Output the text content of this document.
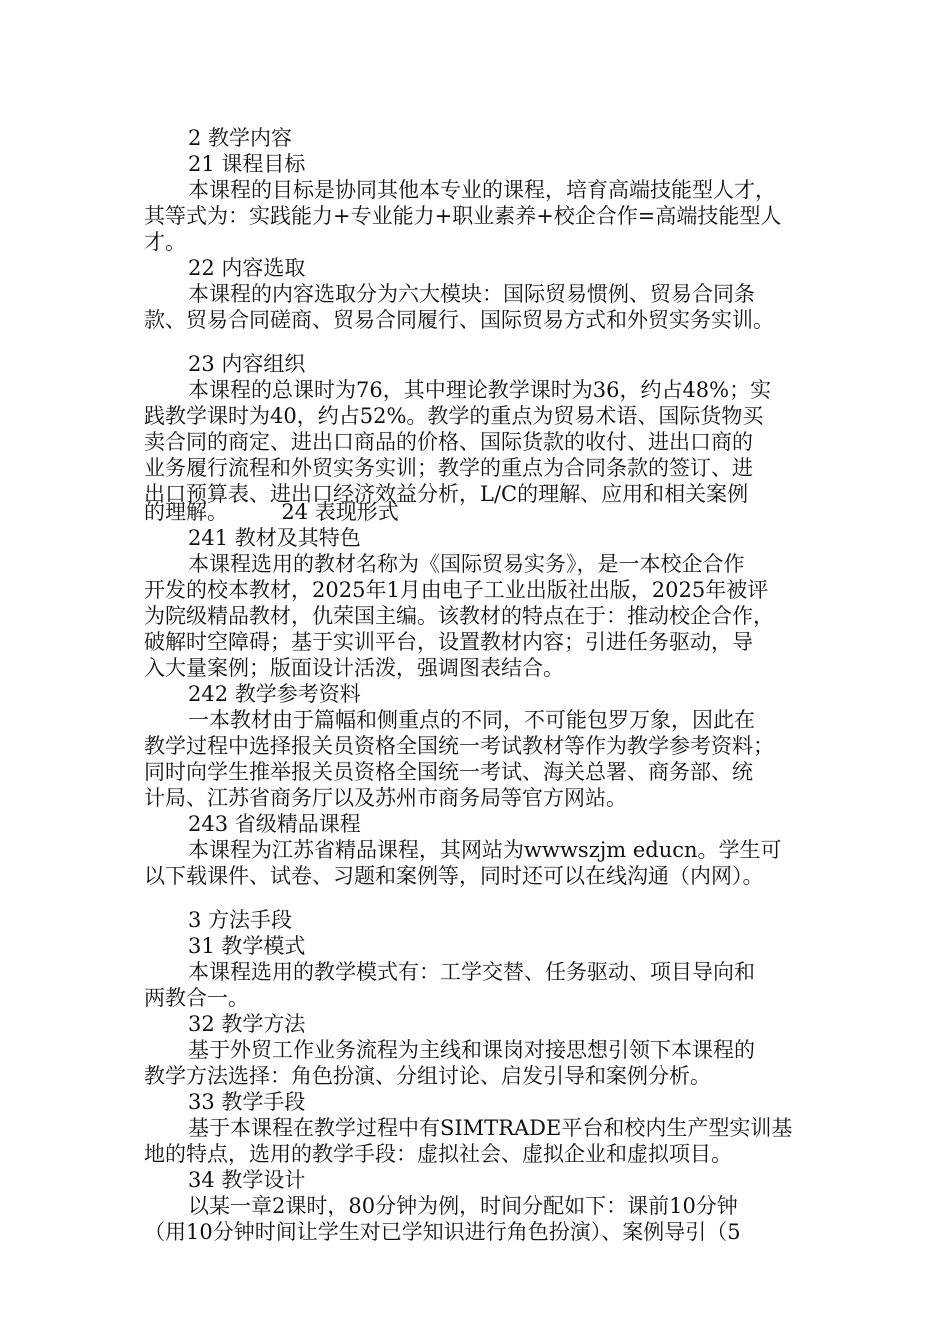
2 教学内容
21 课程目标
本课程的目标是协同其他本专业的课程，培育高端技能型人才，
其等式为：实践能力+专业能力+职业素养+校企合作=高端技能型人
才。
22 内容选取
本课程的内容选取分为六大模块：国际贸易惯例、贸易合同条
款、贸易合同磋商、贸易合同履行、国际贸易方式和外贸实务实训。
23 内容组织
本课程的总课时为76，其中理论教学课时为36，约占48%；实
践教学课时为40，约占52%。教学的重点为贸易术语、国际货物买
卖合同的商定、进出口商品的价格、国际货款的收付、进出口商的
业务履行流程和外贸实务实训；教学的重点为合同条款的签订、进
出口预算表、进出口经济效益分析，L/C的理解、应用和相关案例
的理解。        24 表现形式
241 教材及其特色
本课程选用的教材名称为《国际贸易实务》，是一本校企合作
开发的校本教材，2025年1月由电子工业出版社出版，2025年被评
为院级精品教材，仇荣国主编。该教材的特点在于：推动校企合作，
破解时空障碍；基于实训平台，设置教材内容；引进任务驱动，导
入大量案例；版面设计活泼，强调图表结合。
242 教学参考资料
一本教材由于篇幅和侧重点的不同，不可能包罗万象，因此在
教学过程中选择报关员资格全国统一考试教材等作为教学参考资料；
同时向学生推举报关员资格全国统一考试、海关总署、商务部、统
计局、江苏省商务厅以及苏州市商务局等官方网站。
243 省级精品课程
本课程为江苏省精品课程，其网站为wwwszjm educn。学生可
以下载课件、试卷、习题和案例等，同时还可以在线沟通（内网）。
3 方法手段
31 教学模式
本课程选用的教学模式有：工学交替、任务驱动、项目导向和
两教合一。
32 教学方法
基于外贸工作业务流程为主线和课岗对接思想引领下本课程的
教学方法选择：角色扮演、分组讨论、启发引导和案例分析。
33 教学手段
基于本课程在教学过程中有SIMTRADE平台和校内生产型实训基
地的特点，选用的教学手段：虚拟社会、虚拟企业和虚拟项目。
34 教学设计
以某一章2课时，80分钟为例，时间分配如下：课前10分钟
（用10分钟时间让学生对已学知识进行角色扮演）、案例导引（5
